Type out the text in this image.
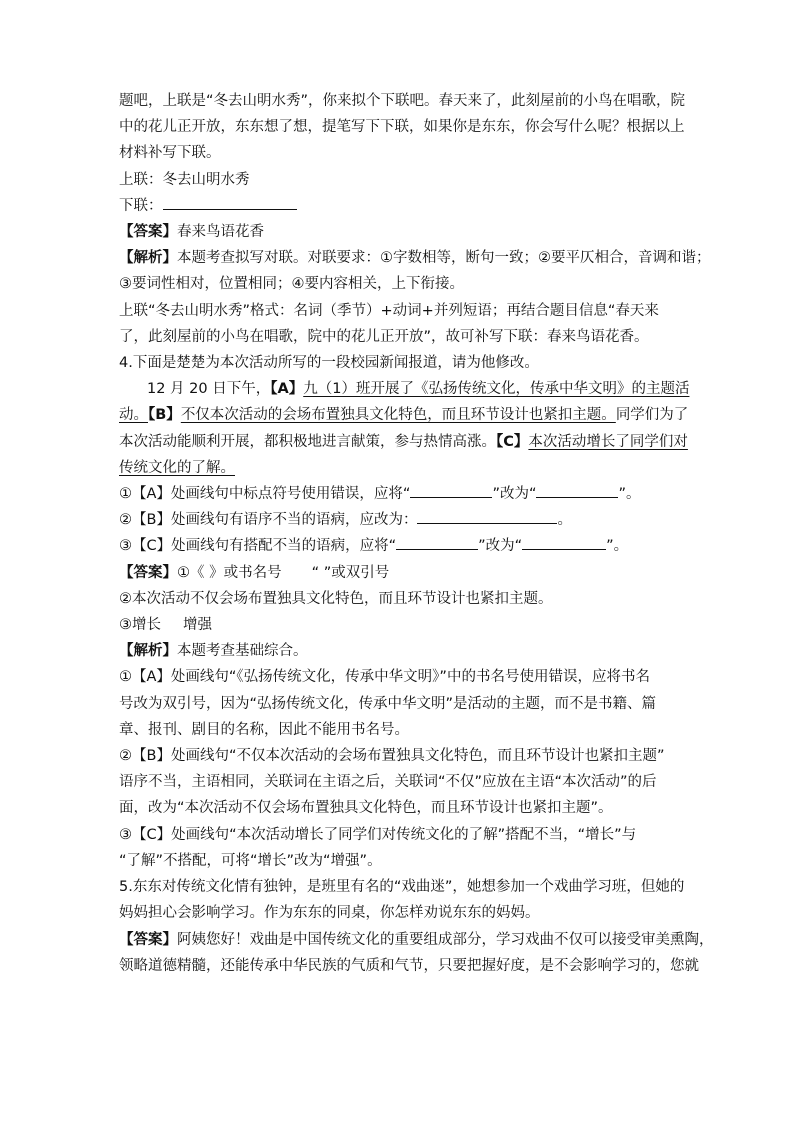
题吧，上联是“冬去山明水秀”，你来拟个下联吧。春天来了，此刻屋前的小鸟在唱歌，院
中的花儿正开放，东东想了想，提笔写下下联，如果你是东东，你会写什么呢？根据以上
材料补写下联。
上联：冬去山明水秀
下联：
【答案】春来鸟语花香
【解析】本题考查拟写对联。对联要求：①字数相等，断句一致；②要平仄相合，音调和谐；
③要词性相对，位置相同；④要内容相关，上下衔接。
上联“冬去山明水秀”格式：名词（季节）+动词+并列短语；再结合题目信息“春天来
了，此刻屋前的小鸟在唱歌，院中的花儿正开放”，故可补写下联：春来鸟语花香。
4.下面是楚楚为本次活动所写的一段校园新闻报道，请为他修改。
12 月 20 日下午，【A】九（1）班开展了《弘扬传统文化，传承中华文明》的主题活
动。【B】不仅本次活动的会场布置独具文化特色，而且环节设计也紧扣主题。同学们为了
本次活动能顺利开展，都积极地进言献策，参与热情高涨。【C】本次活动增长了同学们对
传统文化的了解。
①【A】处画线句中标点符号使用错误，应将“	”改为“	”。
②【B】处画线句有语序不当的语病，应改为：	。
③【C】处画线句有搭配不当的语病，应将“	”改为“	”。
【答案】①《 》或书名号 “ ”或双引号
②本次活动不仅会场布置独具文化特色，而且环节设计也紧扣主题。
③增长 增强
【解析】本题考查基础综合。
①【A】处画线句“《弘扬传统文化，传承中华文明》”中的书名号使用错误，应将书名
号改为双引号，因为“弘扬传统文化，传承中华文明”是活动的主题，而不是书籍、篇
章、报刊、剧目的名称，因此不能用书名号。
②【B】处画线句“不仅本次活动的会场布置独具文化特色，而且环节设计也紧扣主题”
语序不当，主语相同，关联词在主语之后，关联词“不仅”应放在主语“本次活动”的后
面，改为“本次活动不仅会场布置独具文化特色，而且环节设计也紧扣主题”。
③【C】处画线句“本次活动增长了同学们对传统文化的了解”搭配不当，“增长”与
“了解”不搭配，可将“增长”改为“增强”。
5.东东对传统文化情有独钟，是班里有名的“戏曲迷”，她想参加一个戏曲学习班，但她的
妈妈担心会影响学习。作为东东的同桌，你怎样劝说东东的妈妈。
【答案】阿姨您好！戏曲是中国传统文化的重要组成部分，学习戏曲不仅可以接受审美熏陶，
领略道德精髓，还能传承中华民族的气质和气节，只要把握好度，是不会影响学习的，您就
